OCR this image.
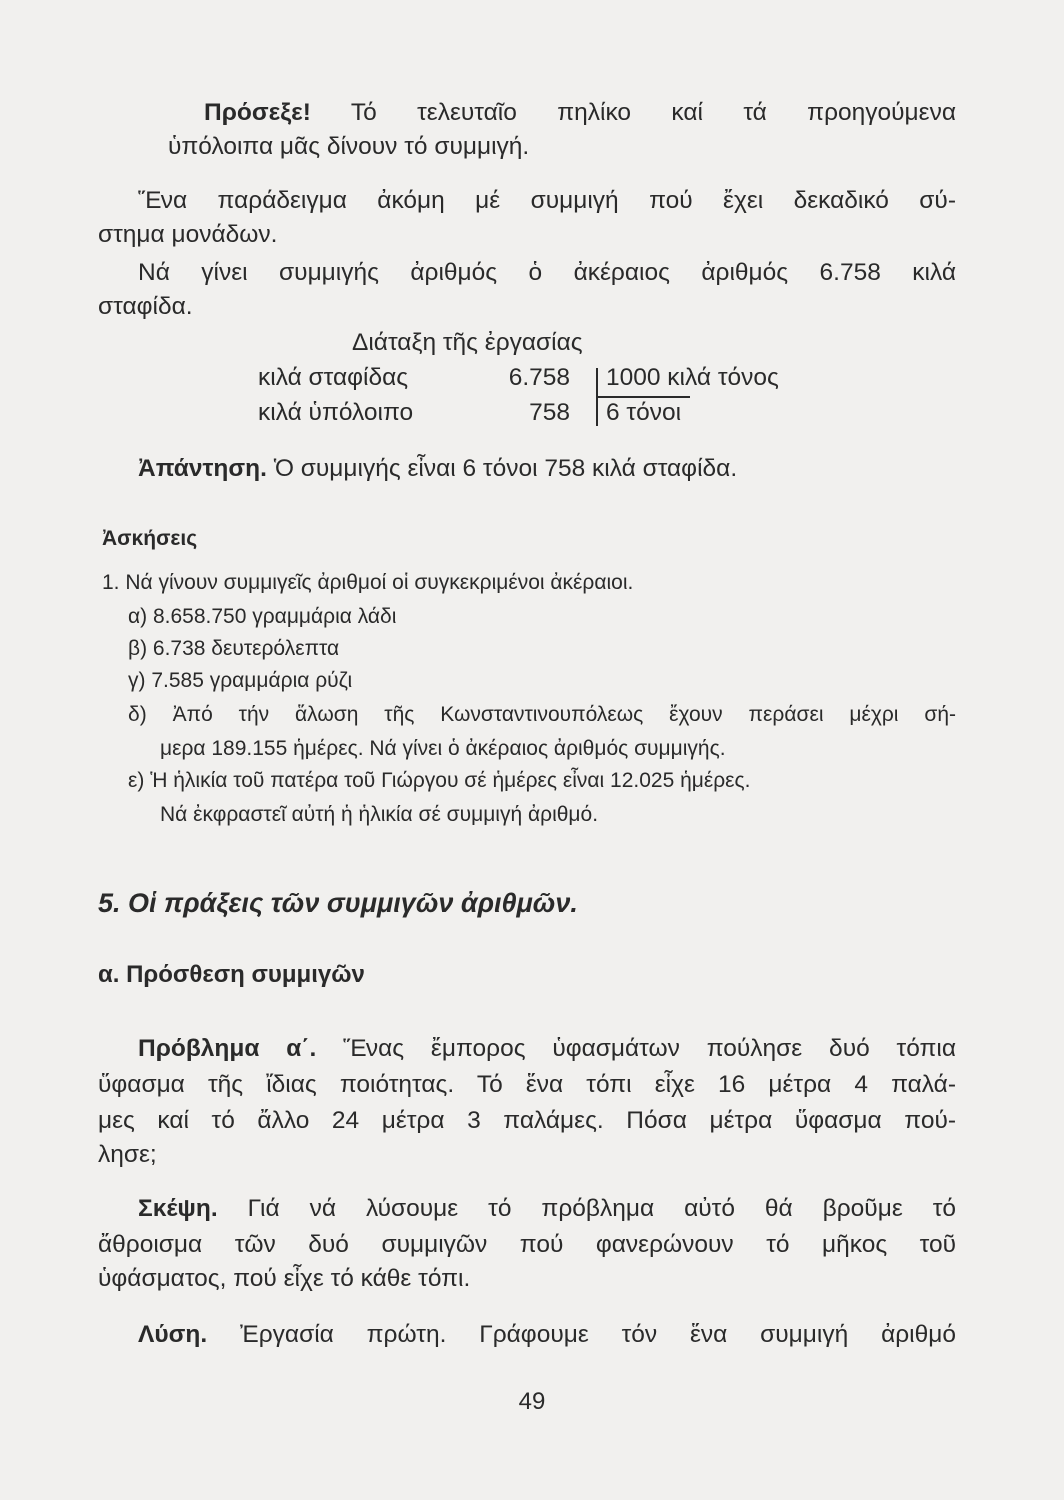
Πρόσεξε! Τό τελευταῖο πηλίκο καί τά προηγούμενα
ὑπόλοιπα μᾶς δίνουν τό συμμιγή.
Ἕνα παράδειγμα ἀκόμη μέ συμμιγή πού ἔχει δεκαδικό σύ-
στημα μονάδων.
Νά γίνει συμμιγής ἀριθμός ὁ ἀκέραιος ἀριθμός 6.758 κιλά
σταφίδα.
Διάταξη τῆς ἐργασίας
κιλά σταφίδας	6.758 1000 κιλά τόνος
κιλά ὑπόλοιπο	758 6 τόνοι
Ἀπάντηση. Ὁ συμμιγής εἶναι 6 τόνοι 758 κιλά σταφίδα.
Ἀσκήσεις
1. Νά γίνουν συμμιγεῖς ἀριθμοί οἱ συγκεκριμένοι ἀκέραιοι.
α) 8.658.750 γραμμάρια λάδι
β) 6.738 δευτερόλεπτα
γ) 7.585 γραμμάρια ρύζι
δ) Ἀπό τήν ἅλωση τῆς Κωνσταντινουπόλεως ἔχουν περάσει μέχρι σή-
μερα 189.155 ἡμέρες. Νά γίνει ὁ ἀκέραιος ἀριθμός συμμιγής.
ε) Ἡ ἡλικία τοῦ πατέρα τοῦ Γιώργου σέ ἡμέρες εἶναι 12.025 ἡμέρες.
Νά ἐκφραστεῖ αὐτή ἡ ἡλικία σέ συμμιγή ἀριθμό.
5. Οἱ πράξεις τῶν συμμιγῶν ἀριθμῶν.
α. Πρόσθεση συμμιγῶν
Πρόβλημα α΄. Ἕνας ἔμπορος ὑφασμάτων πούλησε δυό τόπια
ὕφασμα τῆς ἴδιας ποιότητας. Τό ἕνα τόπι εἶχε 16 μέτρα 4 παλά-
μες καί τό ἄλλο 24 μέτρα 3 παλάμες. Πόσα μέτρα ὕφασμα πού-
λησε;
Σκέψη. Γιά νά λύσουμε τό πρόβλημα αὐτό θά βροῦμε τό
ἄθροισμα τῶν δυό συμμιγῶν πού φανερώνουν τό μῆκος τοῦ
ὑφάσματος, πού εἶχε τό κάθε τόπι.
Λύση. Ἐργασία πρώτη. Γράφουμε τόν ἕνα συμμιγή ἀριθμό
49
